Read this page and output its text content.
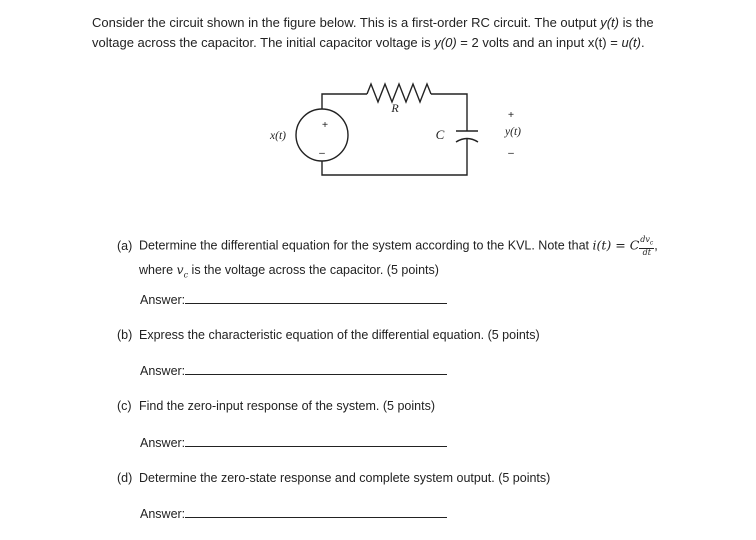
Consider the circuit shown in the figure below. This is a first-order RC circuit. The output y(t) is the
voltage across the capacitor. The initial capacitor voltage is y(0) = 2 volts and an input x(t) = u(t).
R
C
x(t)
+
–
+
y(t)
–
(a) Determine the differential equation for the system according to the KVL. Note that i(t) = C $\frac{dv_c}{dt}$ ,
where $v_c$ is the voltage across the capacitor. (5 points)
Answer:
(b) Express the characteristic equation of the differential equation. (5 points)
Answer:
(c) Find the zero-input response of the system. (5 points)
Answer:
(d) Determine the zero-state response and complete system output. (5 points)
Answer:
